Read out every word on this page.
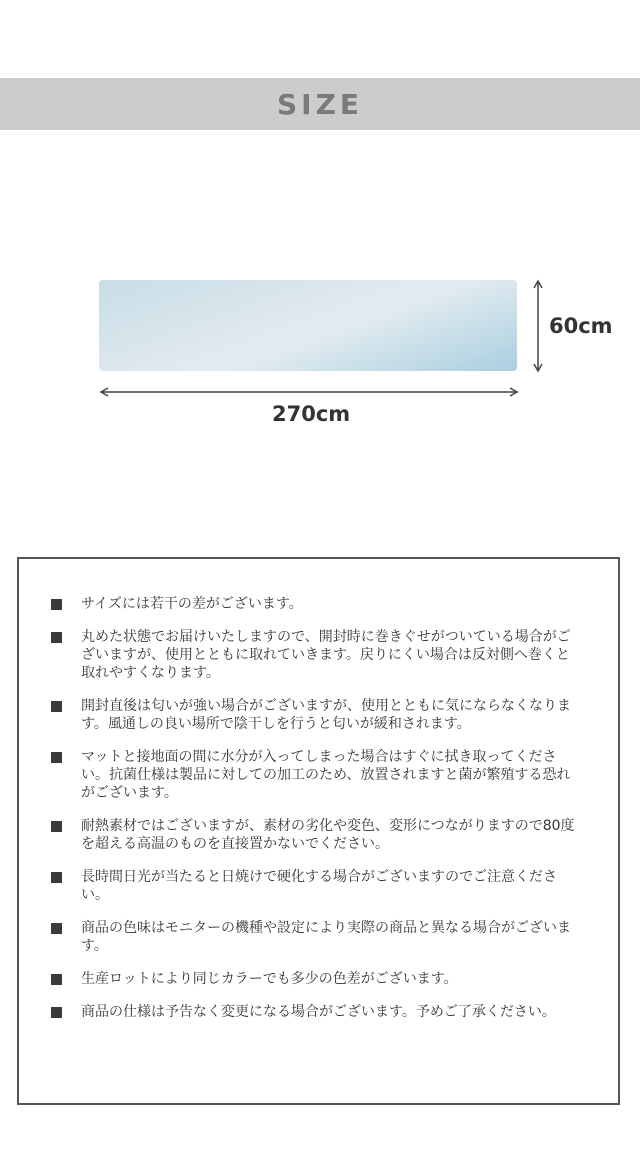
SIZE
60cm
270cm
サイズには若干の差がございます。
丸めた状態でお届けいたしますので、開封時に巻きぐせがついている場合がございますが、使用とともに取れていきます。戻りにくい場合は反対側へ巻くと取れやすくなります。
開封直後は匂いが強い場合がございますが、使用とともに気にならなくなります。風通しの良い場所で陰干しを行うと匂いが緩和されます。
マットと接地面の間に水分が入ってしまった場合はすぐに拭き取ってください。抗菌仕様は製品に対しての加工のため、放置されますと菌が繁殖する恐れがございます。
耐熱素材ではございますが、素材の劣化や変色、変形につながりますので80度を超える高温のものを直接置かないでください。
長時間日光が当たると日焼けで硬化する場合がございますのでご注意ください。
商品の色味はモニターの機種や設定により実際の商品と異なる場合がございます。
生産ロットにより同じカラーでも多少の色差がございます。
商品の仕様は予告なく変更になる場合がございます。予めご了承ください。
